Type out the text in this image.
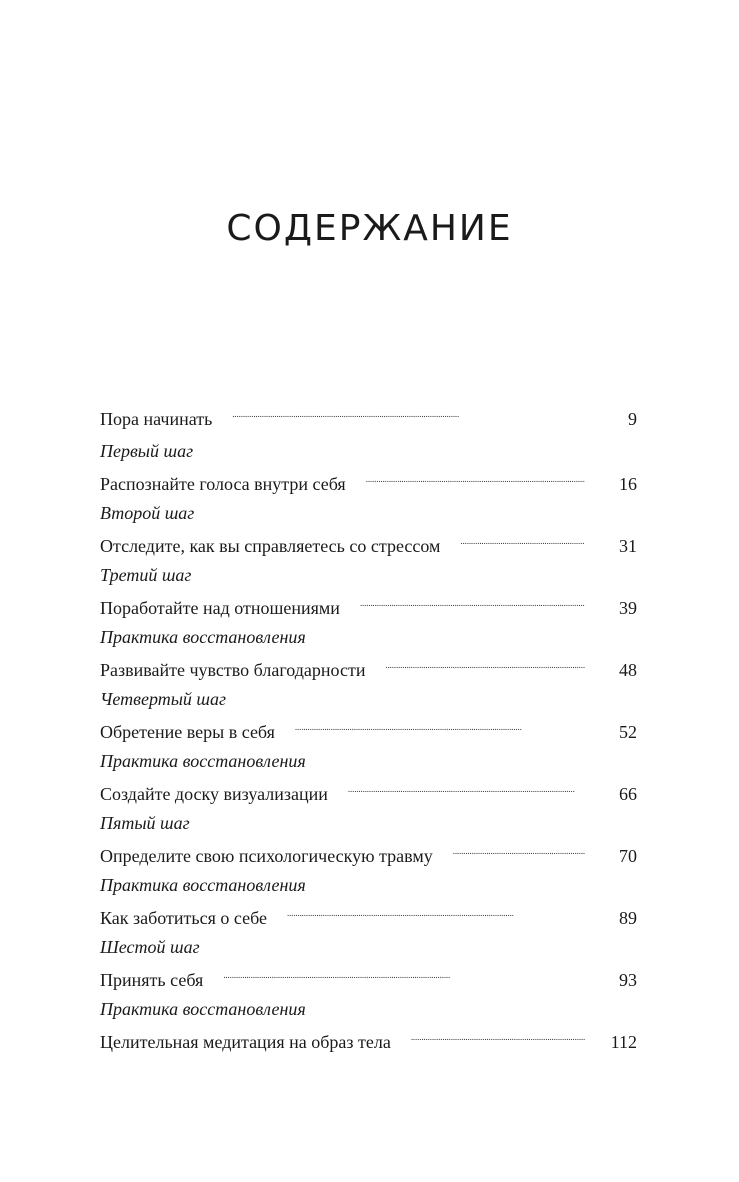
СОДЕРЖАНИЕ
Пора начинать . . .	9
Первый шаг
Распознайте голоса внутри себя . . .	16
Второй шаг
Отследите, как вы справляетесь со стрессом . . .	31
Третий шаг
Поработайте над отношениями . . .	39
Практика восстановления
Развивайте чувство благодарности . . .	48
Четвертый шаг
Обретение веры в себя . . .	52
Практика восстановления
Создайте доску визуализации . . .	66
Пятый шаг
Определите свою психологическую травму . . .	70
Практика восстановления
Как заботиться о себе . . .	89
Шестой шаг
Принять себя . . .	93
Практика восстановления
Целительная медитация на образ тела . . .	112
